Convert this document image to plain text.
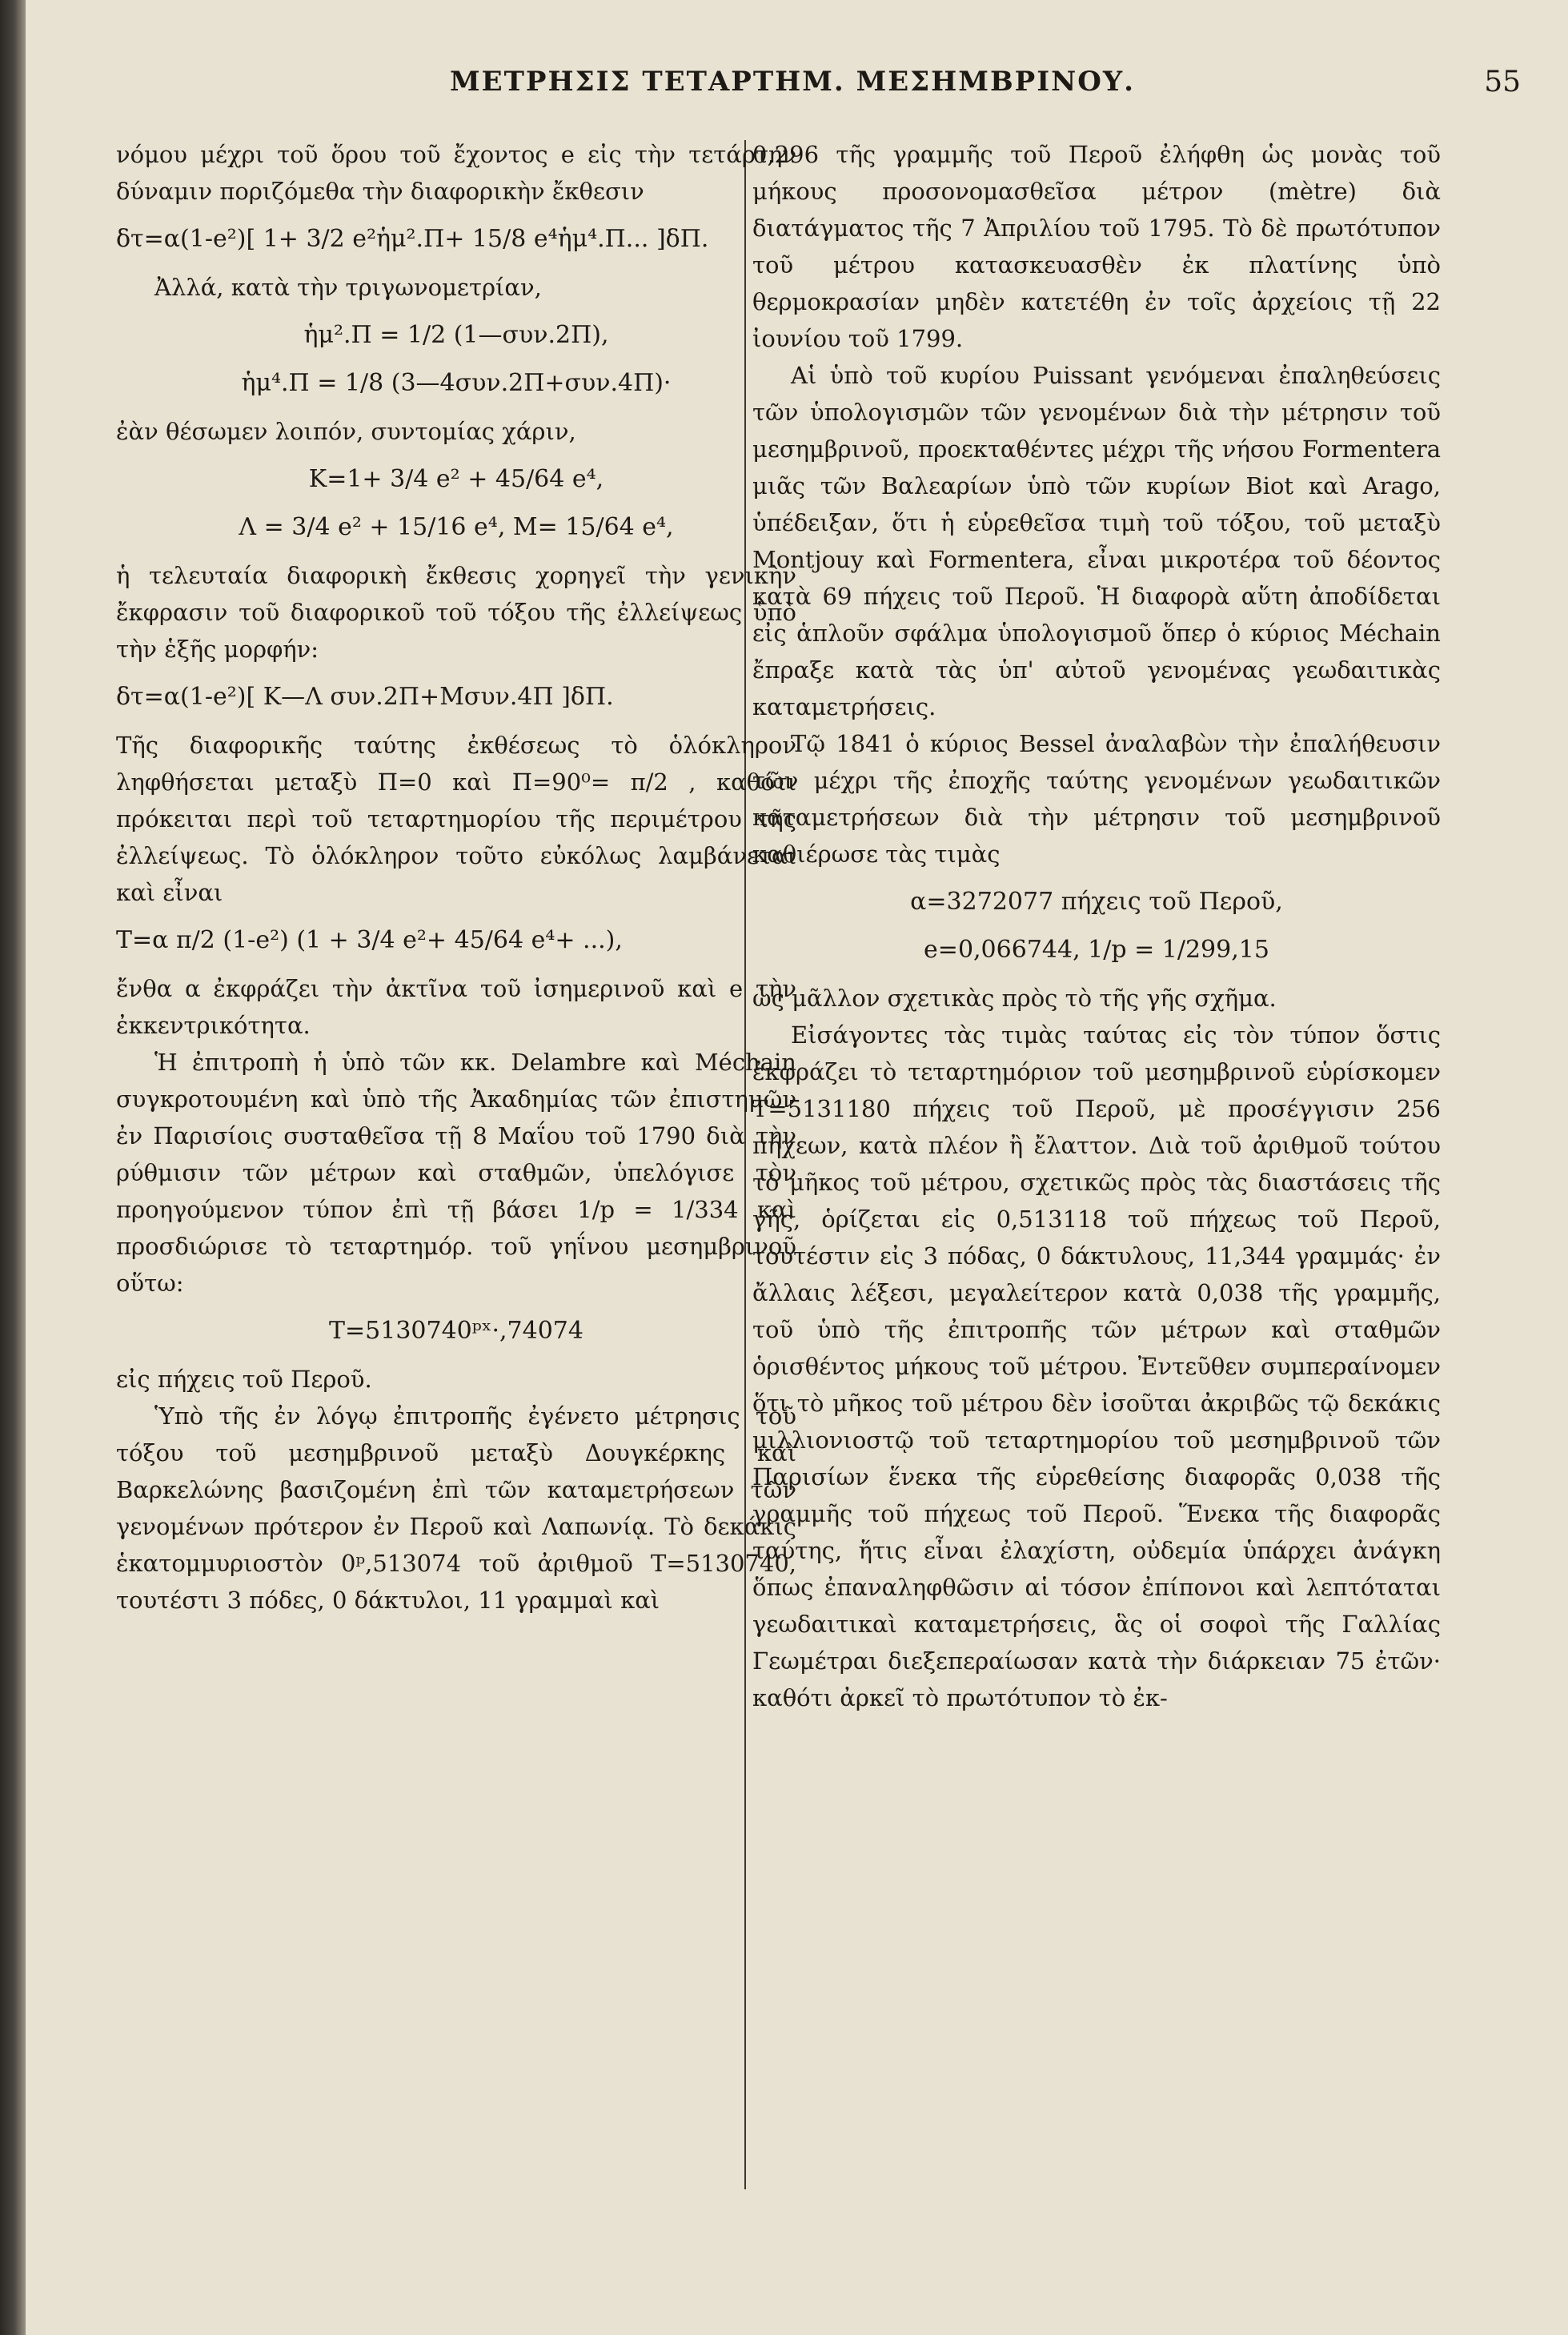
ΜΕΤΡΗΣΙΣ ΤΕΤΑΡΤΗΜ. ΜΕΣΗΜΒΡΙΝΟΥ.	55

νόμου μέχρι τοῦ ὅρου τοῦ ἔχοντος e εἰς τὴν τετάρτην δύναμιν ποριζόμεθα τὴν διαφορικὴν ἔκθεσιν

δτ=α(1-e²)[ 1+ 3/2 e²ἡμ².Π+ 15/8 e⁴ἡμ⁴.Π... ]δΠ.

Ἀλλά, κατὰ τὴν τριγωνομετρίαν,

ἡμ².Π = 1/2 (1—συν.2Π),
ἡμ⁴.Π = 1/8 (3—4συν.2Π+συν.4Π)·

ἐὰν θέσωμεν λοιπόν, συντομίας χάριν,

K=1+ 3/4 e² + 45/64 e⁴,
Λ = 3/4 e² + 15/16 e⁴, M= 15/64 e⁴,

ἡ τελευταία διαφορικὴ ἔκθεσις χορηγεῖ τὴν γενικὴν ἔκφρασιν τοῦ διαφορικοῦ τοῦ τόξου τῆς ἐλλείψεως ὑπὸ τὴν ἑξῆς μορφήν:

δτ=α(1-e²)[ K—Λ συν.2Π+Mσυν.4Π ]δΠ.

Τῆς διαφορικῆς ταύτης ἐκθέσεως τὸ ὁλόκληρον ληφθήσεται μεταξὺ Π=0 καὶ Π=90⁰= π/2 , καθότι πρόκειται περὶ τοῦ τεταρτημορίου τῆς περιμέτρου τῆς ἐλλείψεως. Τὸ ὁλόκληρον τοῦτο εὐκόλως λαμβάνεται καὶ εἶναι

T=α π/2 (1-e²) (1 + 3/4 e²+ 45/64 e⁴+ ...),

ἔνθα α ἐκφράζει τὴν ἀκτῖνα τοῦ ἰσημερινοῦ καὶ e τὴν ἐκκεντρικότητα.

Ἡ ἐπιτροπὴ ἡ ὑπὸ τῶν κκ. Delambre καὶ Méchain συγκροτουμένη καὶ ὑπὸ τῆς Ἀκαδημίας τῶν ἐπιστημῶν ἐν Παρισίοις συσταθεῖσα τῇ 8 Μαΐου τοῦ 1790 διὰ τὴν ρύθμισιν τῶν μέτρων καὶ σταθμῶν, ὑπελόγισε τὸν προηγούμενον τύπον ἐπὶ τῇ βάσει 1/p = 1/334 καὶ προσδιώρισε τὸ τεταρτημόρ. τοῦ γηΐνου μεσημβρινοῦ οὕτω:

T=5130740ᵖˣ·,74074

εἰς πήχεις τοῦ Περοῦ.

Ὑπὸ τῆς ἐν λόγῳ ἐπιτροπῆς ἐγένετο μέτρησις τοῦ τόξου τοῦ μεσημβρινοῦ μεταξὺ Δουγκέρκης καὶ Βαρκελώνης βασιζομένη ἐπὶ τῶν καταμετρήσεων τῶν γενομένων πρότερον ἐν Περοῦ καὶ Λαπωνίᾳ. Τὸ δεκάκις ἑκατομμυριοστὸν 0ᵖ,513074 τοῦ ἀριθμοῦ T=5130740, τουτέστι 3 πόδες, 0 δάκτυλοι, 11 γραμμαὶ καὶ

0,296 τῆς γραμμῆς τοῦ Περοῦ ἐλήφθη ὡς μονὰς τοῦ μήκους προσονομασθεῖσα μέτρον (mètre) διὰ διατάγματος τῆς 7 Ἀπριλίου τοῦ 1795. Τὸ δὲ πρωτότυπον τοῦ μέτρου κατασκευασθὲν ἐκ πλατίνης ὑπὸ θερμοκρασίαν μηδὲν κατετέθη ἐν τοῖς ἀρχείοις τῇ 22 ἰουνίου τοῦ 1799.

Αἱ ὑπὸ τοῦ κυρίου Puissant γενόμεναι ἐπαληθεύσεις τῶν ὑπολογισμῶν τῶν γενομένων διὰ τὴν μέτρησιν τοῦ μεσημβρινοῦ, προεκταθέντες μέχρι τῆς νήσου Formentera μιᾶς τῶν Βαλεαρίων ὑπὸ τῶν κυρίων Biot καὶ Arago, ὑπέδειξαν, ὅτι ἡ εὑρεθεῖσα τιμὴ τοῦ τόξου, τοῦ μεταξὺ Montjouy καὶ Formentera, εἶναι μικροτέρα τοῦ δέοντος κατὰ 69 πήχεις τοῦ Περοῦ. Ἡ διαφορὰ αὕτη ἀποδίδεται εἰς ἁπλοῦν σφάλμα ὑπολογισμοῦ ὅπερ ὁ κύριος Méchain ἔπραξε κατὰ τὰς ὑπ' αὐτοῦ γενομένας γεωδαιτικὰς καταμετρήσεις.

Τῷ 1841 ὁ κύριος Bessel ἀναλαβὼν τὴν ἐπαλήθευσιν τῶν μέχρι τῆς ἐποχῆς ταύτης γενομένων γεωδαιτικῶν καταμετρήσεων διὰ τὴν μέτρησιν τοῦ μεσημβρινοῦ καθιέρωσε τὰς τιμὰς

α=3272077 πήχεις τοῦ Περοῦ,
e=0,066744, 1/p = 1/299,15

ὡς μᾶλλον σχετικὰς πρὸς τὸ τῆς γῆς σχῆμα.

Εἰσάγοντες τὰς τιμὰς ταύτας εἰς τὸν τύπον ὅστις ἐκφράζει τὸ τεταρτημόριον τοῦ μεσημβρινοῦ εὑρίσκομεν T=5131180 πήχεις τοῦ Περοῦ, μὲ προσέγγισιν 256 πήχεων, κατὰ πλέον ἢ ἔλαττον. Διὰ τοῦ ἀριθμοῦ τούτου τὸ μῆκος τοῦ μέτρου, σχετικῶς πρὸς τὰς διαστάσεις τῆς γῆς, ὁρίζεται εἰς 0,513118 τοῦ πήχεως τοῦ Περοῦ, τουτέστιν εἰς 3 πόδας, 0 δάκτυλους, 11,344 γραμμάς· ἐν ἄλλαις λέξεσι, μεγαλείτερον κατὰ 0,038 τῆς γραμμῆς, τοῦ ὑπὸ τῆς ἐπιτροπῆς τῶν μέτρων καὶ σταθμῶν ὁρισθέντος μήκους τοῦ μέτρου. Ἐντεῦθεν συμπεραίνομεν ὅτι τὸ μῆκος τοῦ μέτρου δὲν ἰσοῦται ἀκριβῶς τῷ δεκάκις μιλλιονιοστῷ τοῦ τεταρτημορίου τοῦ μεσημβρινοῦ τῶν Παρισίων ἕνεκα τῆς εὑρεθείσης διαφορᾶς 0,038 τῆς γραμμῆς τοῦ πήχεως τοῦ Περοῦ. Ἕνεκα τῆς διαφορᾶς ταύτης, ἥτις εἶναι ἐλαχίστη, οὐδεμία ὑπάρχει ἀνάγκη ὅπως ἐπαναληφθῶσιν αἱ τόσον ἐπίπονοι καὶ λεπτόταται γεωδαιτικαὶ καταμετρήσεις, ἃς οἱ σοφοὶ τῆς Γαλλίας Γεωμέτραι διεξεπεραίωσαν κατὰ τὴν διάρκειαν 75 ἐτῶν· καθότι ἀρκεῖ τὸ πρωτότυπον τὸ ἐκ-
